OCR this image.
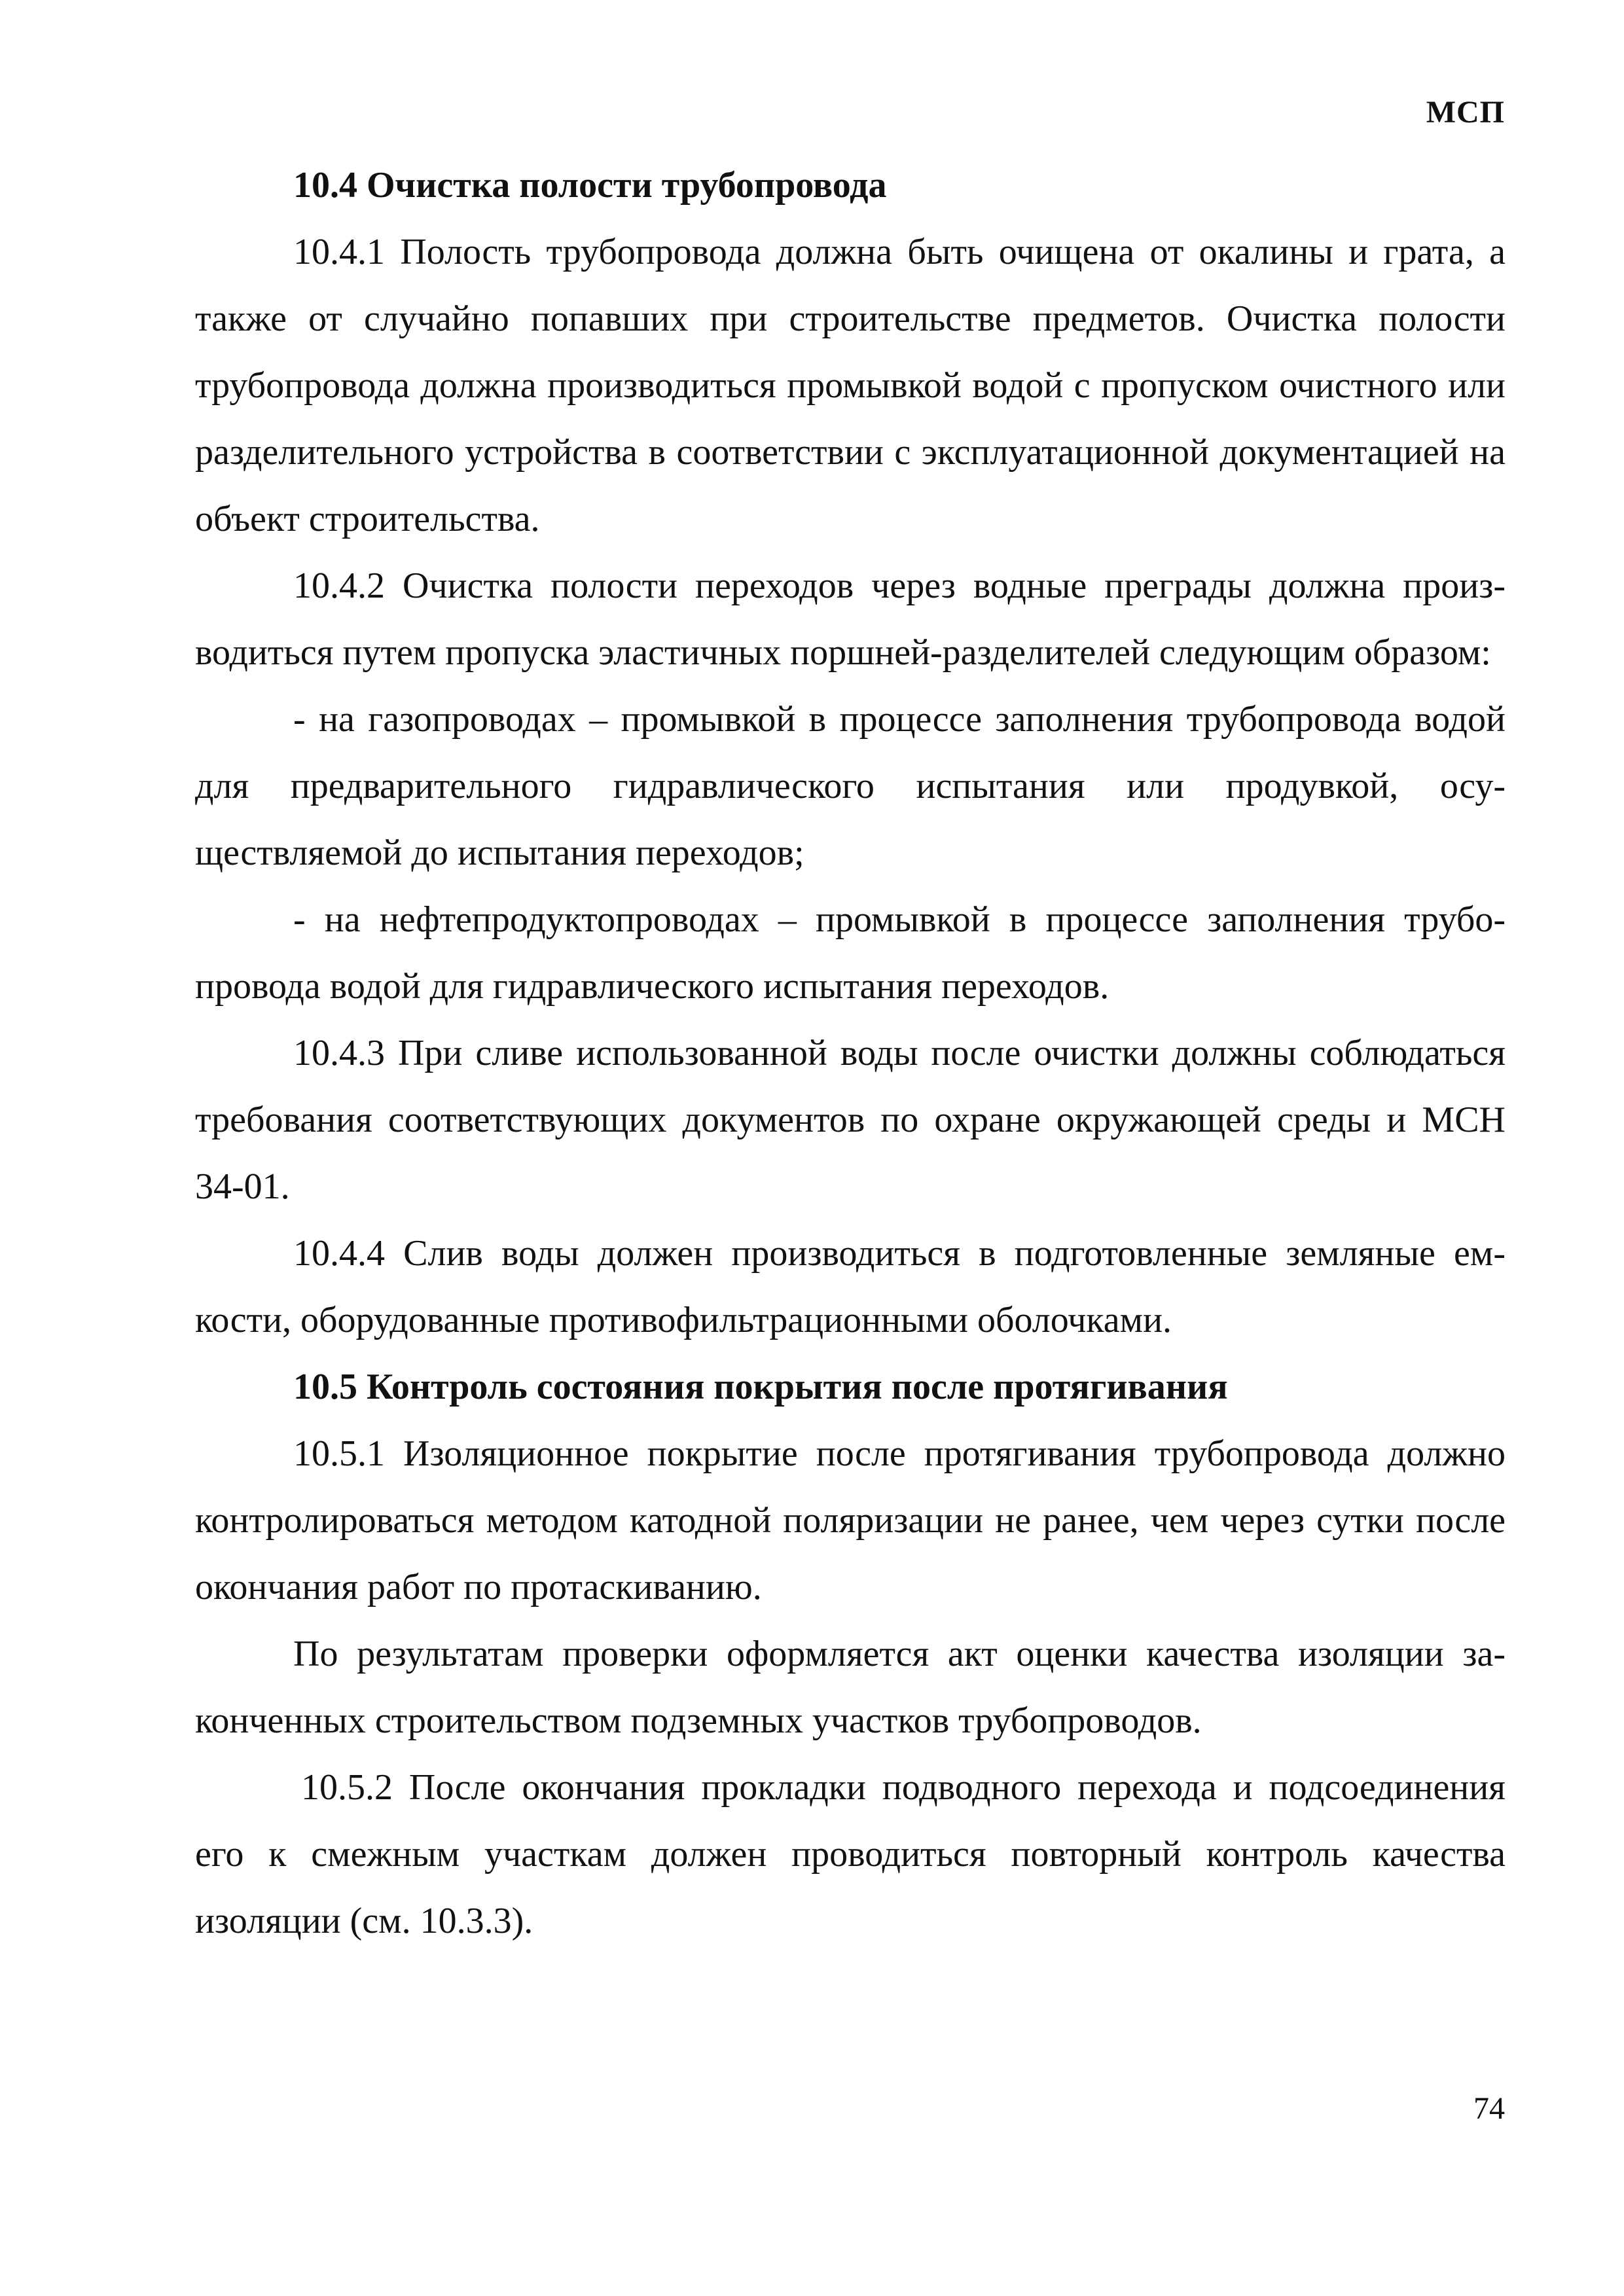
МСП

10.4 Очистка полости трубопровода

10.4.1 Полость трубопровода должна быть очищена от окалины и грата, а также от случайно попавших при строительстве предметов. Очистка полости трубопровода должна производиться промывкой водой с пропуском очистного или разделительного устройства в соответствии с эксплуатационной документацией на объект строительства.

10.4.2 Очистка полости переходов через водные преграды должна производиться путем пропуска эластичных поршней-разделителей следующим образом:

- на газопроводах – промывкой в процессе заполнения трубопровода водой для предварительного гидравлического испытания или продувкой, осуществляемой до испытания переходов;

- на нефтепродуктопроводах – промывкой в процессе заполнения трубопровода водой для гидравлического испытания переходов.

10.4.3 При сливе использованной воды после очистки должны соблюдаться требования соответствующих документов по охране окружающей среды и МСН 34-01.

10.4.4 Слив воды должен производиться в подготовленные земляные емкости, оборудованные противофильтрационными оболочками.

10.5 Контроль состояния покрытия после протягивания

10.5.1 Изоляционное покрытие после протягивания трубопровода должно контролироваться методом катодной поляризации не ранее, чем через сутки после окончания работ по протаскиванию.

По результатам проверки оформляется акт оценки качества изоляции законченных строительством подземных участков трубопроводов.

10.5.2 После окончания прокладки подводного перехода и подсоединения его к смежным участкам должен проводиться повторный контроль качества изоляции (см. 10.3.3).

74
